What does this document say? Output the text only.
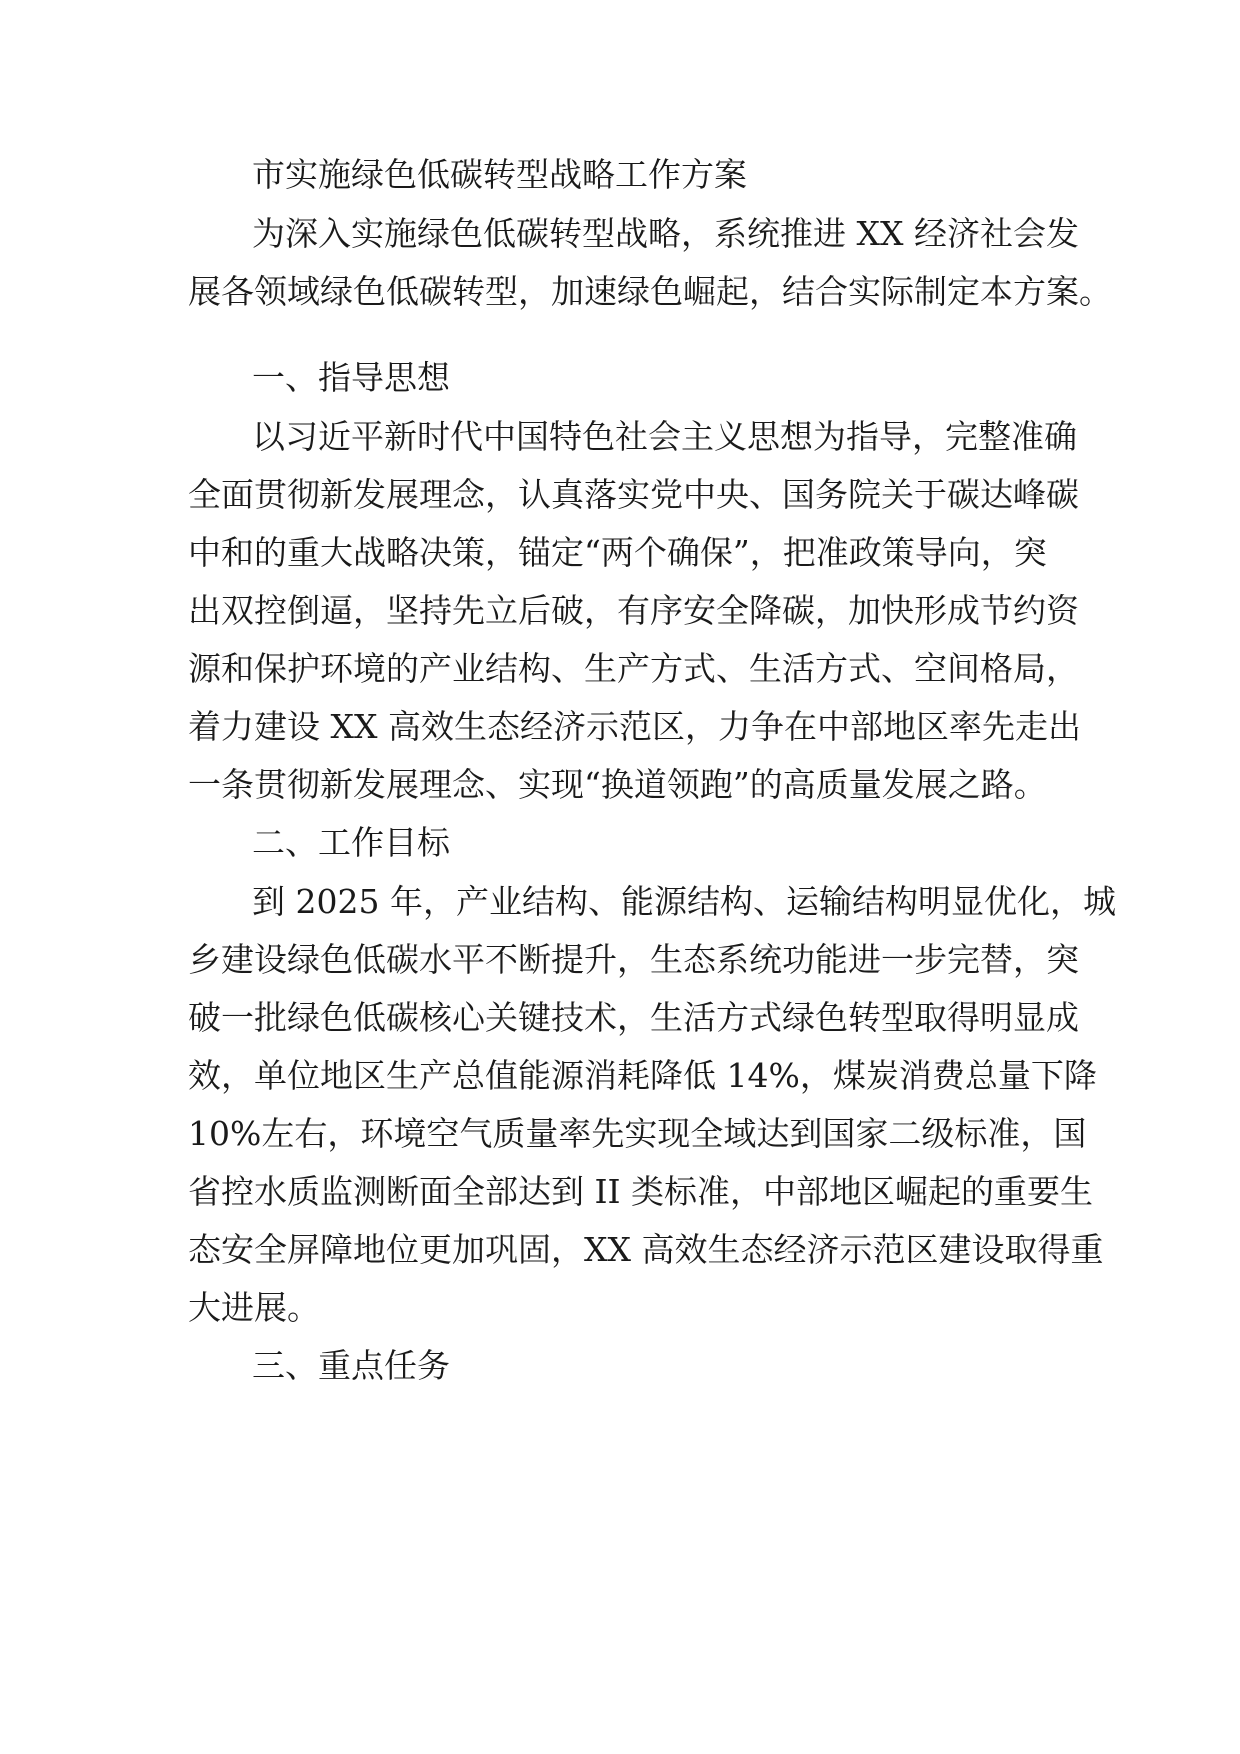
市实施绿色低碳转型战略工作方案
为深入实施绿色低碳转型战略，系统推进 XX 经济社会发
展各领域绿色低碳转型，加速绿色崛起，结合实际制定本方案。
一、指导思想
以习近平新时代中国特色社会主义思想为指导，完整准确
全面贯彻新发展理念，认真落实党中央、国务院关于碳达峰碳
中和的重大战略决策，锚定“两个确保”，把准政策导向，突
出双控倒逼，坚持先立后破，有序安全降碳，加快形成节约资
源和保护环境的产业结构、生产方式、生活方式、空间格局，
着力建设 XX 高效生态经济示范区，力争在中部地区率先走出
一条贯彻新发展理念、实现“换道领跑”的高质量发展之路。
二、工作目标
到 2025 年，产业结构、能源结构、运输结构明显优化，城
乡建设绿色低碳水平不断提升，生态系统功能进一步完替，突
破一批绿色低碳核心关键技术，生活方式绿色转型取得明显成
效，单位地区生产总值能源消耗降低 14%，煤炭消费总量下降
10%左右，环境空气质量率先实现全域达到国家二级标准，国
省控水质监测断面全部达到 II 类标准，中部地区崛起的重要生
态安全屏障地位更加巩固，XX 高效生态经济示范区建设取得重
大进展。
三、重点任务
